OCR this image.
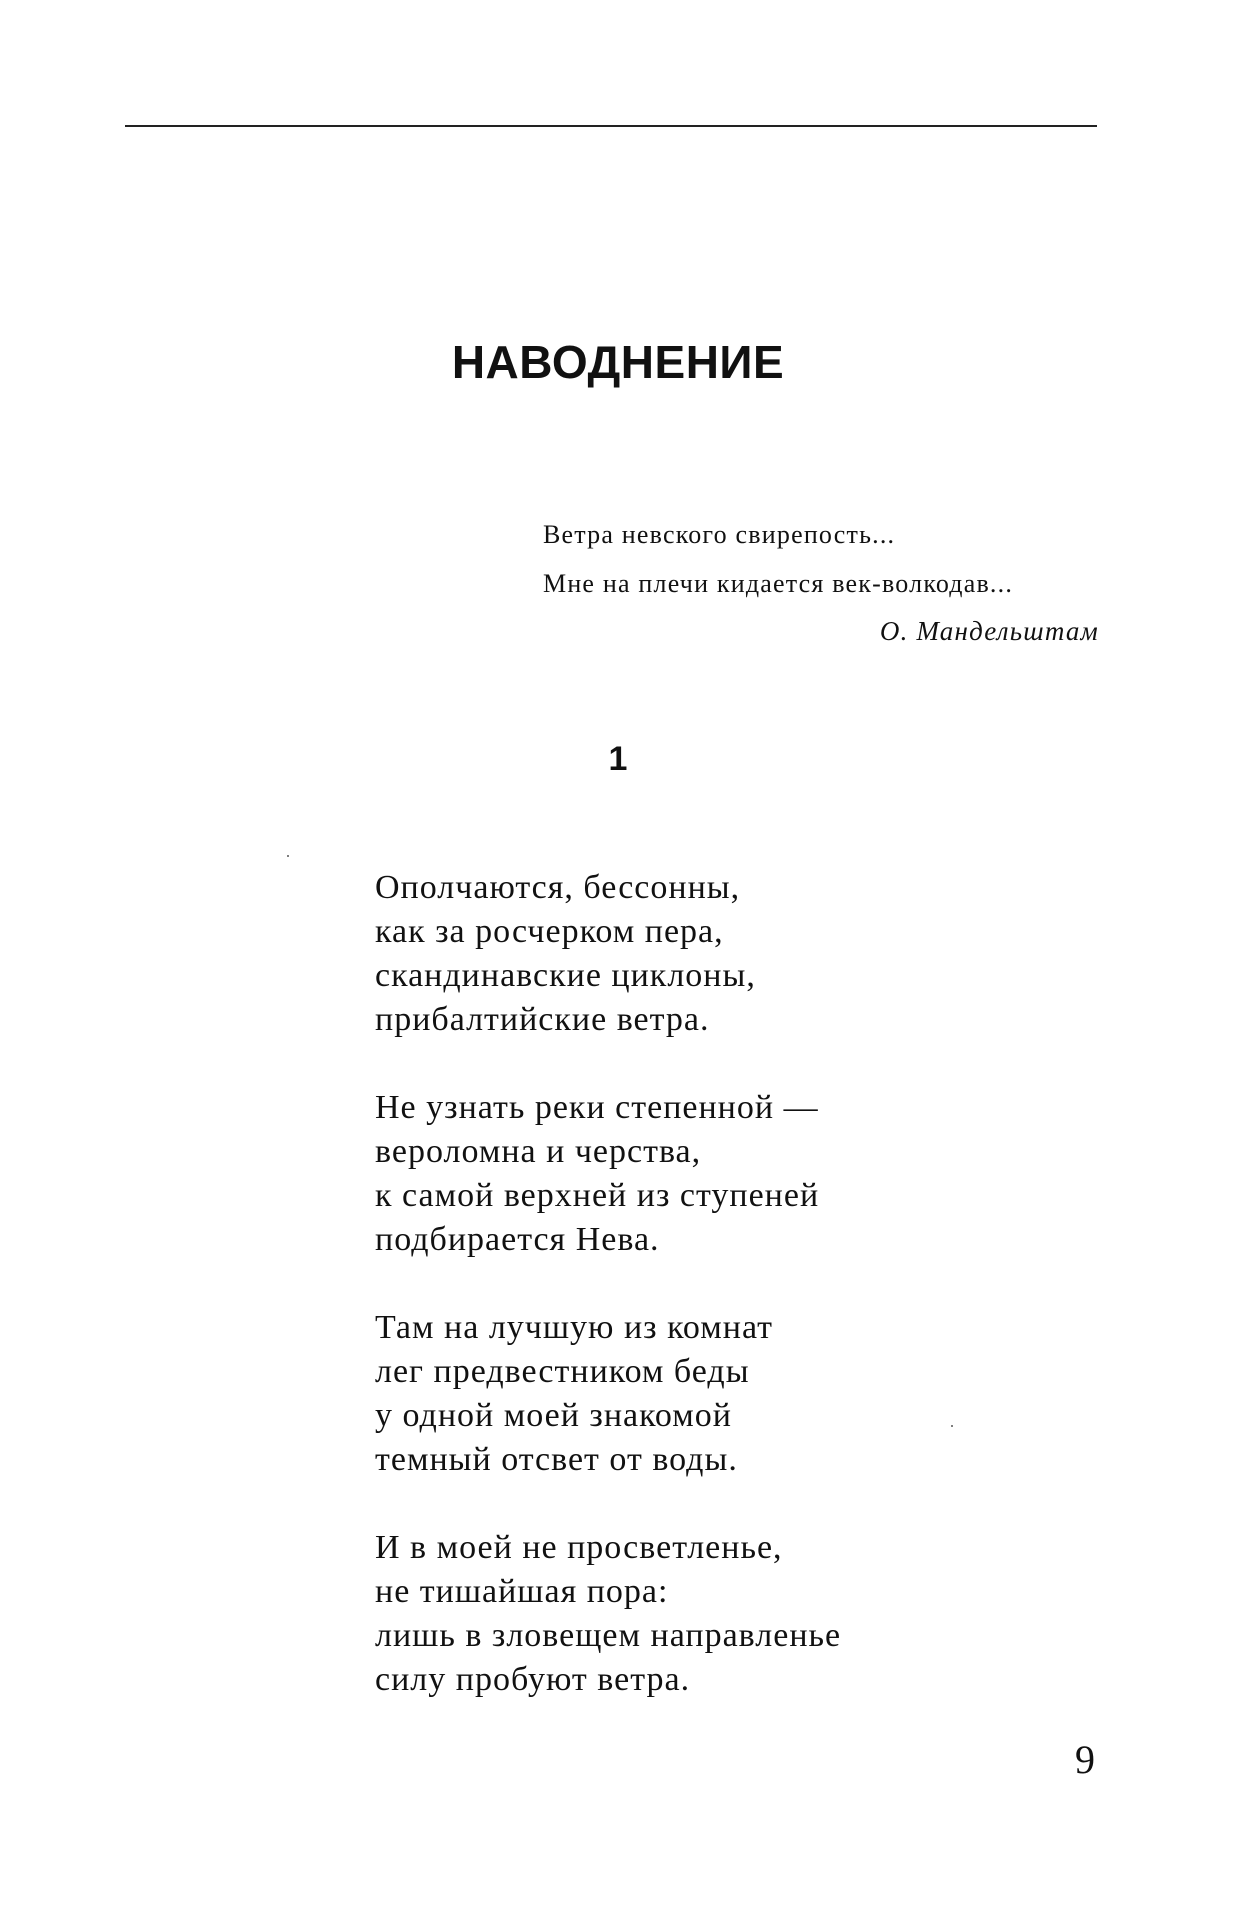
НАВОДНЕНИЕ
Ветра невского свирепость...
Мне на плечи кидается век-волкодав...
О. Мандельштам
1
Ополчаются, бессонны,
как за росчерком пера,
скандинавские циклоны,
прибалтийские ветра.
Не узнать реки степенной —
вероломна и черства,
к самой верхней из ступеней
подбирается Нева.
Там на лучшую из комнат
лег предвестником беды
у одной моей знакомой
темный отсвет от воды.
И в моей не просветленье,
не тишайшая пора:
лишь в зловещем направленье
силу пробуют ветра.
9
